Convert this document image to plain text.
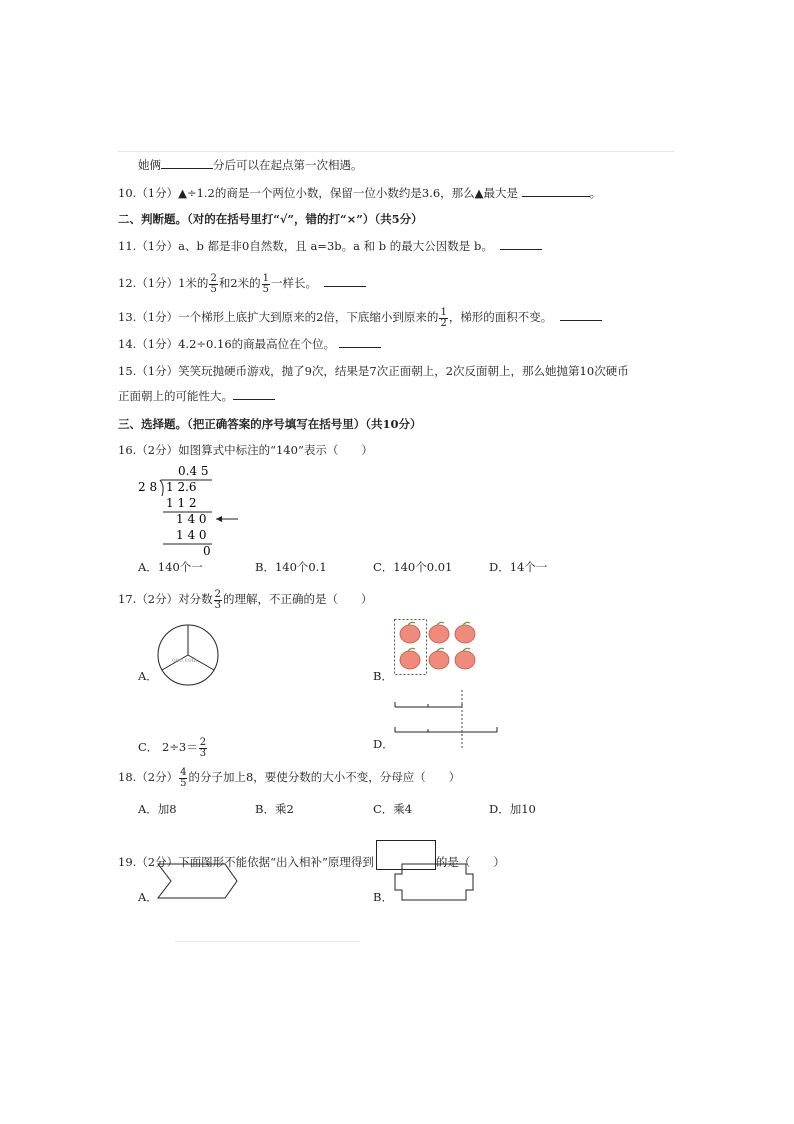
她俩	分后可以在起点第一次相遇。
10.（1分）▲÷1.2的商是一个两位小数，保留一位小数约是3.6，那么▲最大是	。
二、判断题。（对的在括号里打“√”，错的打“×”）（共5分）
11.（1分）a、b 都是非0自然数，且 a=3b。a 和 b 的最大公因数是 b。
12.（1分）1米的 $\frac{2}{5}$ 和2米的 $\frac{1}{5}$ 一样长。
13.（1分）一个梯形上底扩大到原来的2倍，下底缩小到原来的 $\frac{1}{2}$ ，梯形的面积不变。
14.（1分）4.2÷0.16的商最高位在个位。
15.（1分）笑笑玩抛硬币游戏，抛了9次，结果是7次正面朝上，2次反面朝上，那么她抛第10次硬币
正面朝上的可能性大。
三、选择题。（把正确答案的序号填写在括号里）（共10分）
16.（2分）如图算式中标注的“140”表示（　　）
0.4 5
2 8 1 2.6
1 1 2
1 4 0
1 4 0
0
A．140个一	B．140个0.1	C．140个0.01	D．14个一
17.（2分）对分数 $\frac{2}{3}$ 的理解，不正确的是（　　）
A．
ooo.com
B．
C． $2\div 3= \frac{2}{3}$	D．
18.（2分） $\frac{4}{5}$ 的分子加上8，要使分数的大小不变，分母应（　　）
A．加8	B．乘2	C．乘4	D．加10
19.（2分）下面图形不能依据“出入相补”原理得到	的是（　　）
A．	B．
